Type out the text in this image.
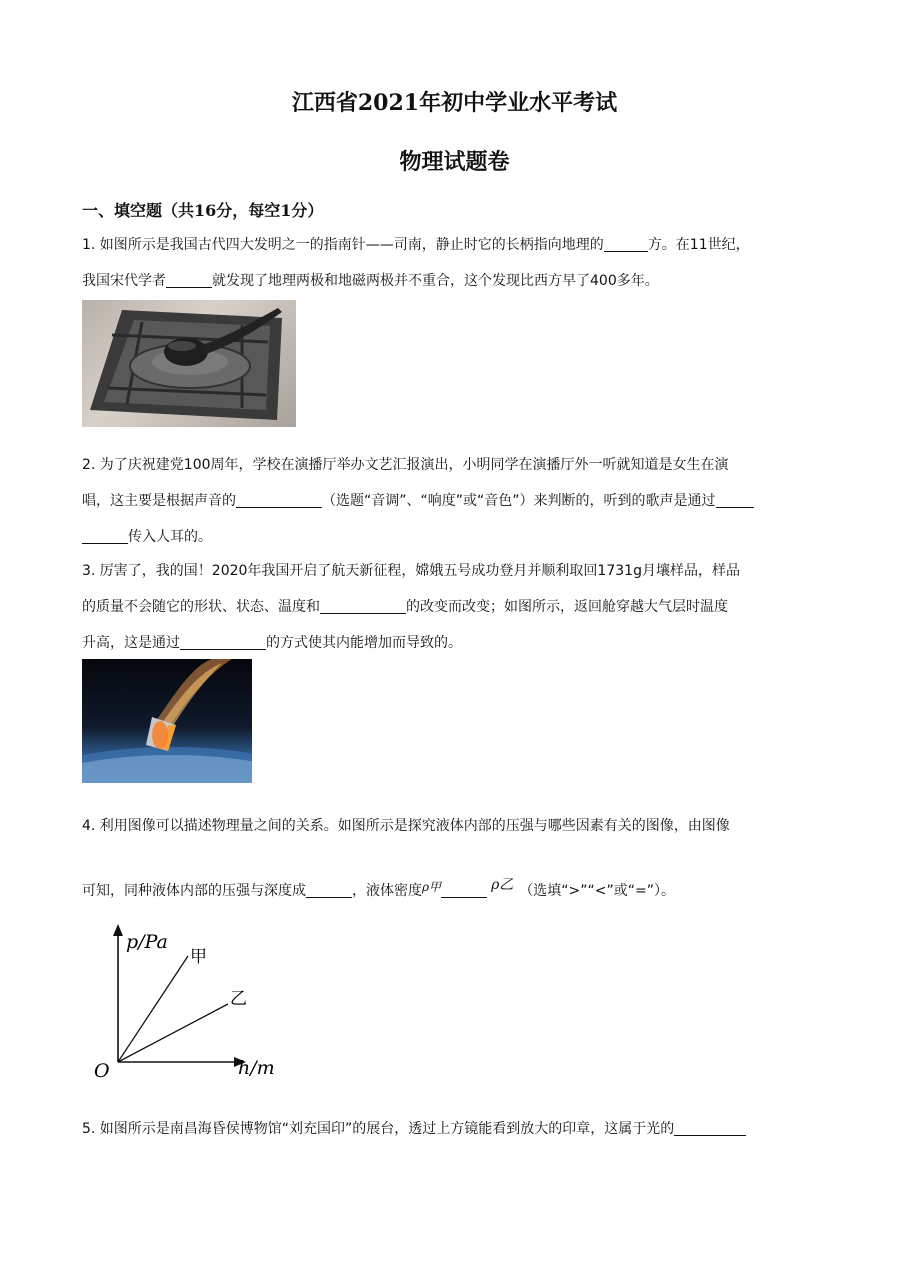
江西省2021年初中学业水平考试
物理试题卷
一、填空题（共16分，每空1分）
1. 如图所示是我国古代四大发明之一的指南针——司南，静止时它的长柄指向地理的	方。在11世纪，
我国宋代学者	就发现了地理两极和地磁两极并不重合，这个发现比西方早了400多年。
2. 为了庆祝建党100周年，学校在演播厅举办文艺汇报演出，小明同学在演播厅外一听就知道是女生在演
唱，这主要是根据声音的	（选题“音调”、“响度”或“音色”）来判断的，听到的歌声是通过
传入人耳的。
3. 厉害了，我的国！2020年我国开启了航天新征程，嫦娥五号成功登月并顺利取回1731g月壤样品，样品
的质量不会随它的形状、状态、温度和	的改变而改变；如图所示，返回舱穿越大气层时温度
升高，这是通过	的方式使其内能增加而导致的。
4. 利用图像可以描述物理量之间的关系。如图所示是探究液体内部的压强与哪些因素有关的图像，由图像
可知，同种液体内部的压强与深度成	，液体密度ρ甲	ρ乙 （选填“>”“<”或“=”）。
p/Pa
h/m
O
甲
乙
5. 如图所示是南昌海昏侯博物馆“刘充国印”的展台，透过上方镜能看到放大的印章，这属于光的
